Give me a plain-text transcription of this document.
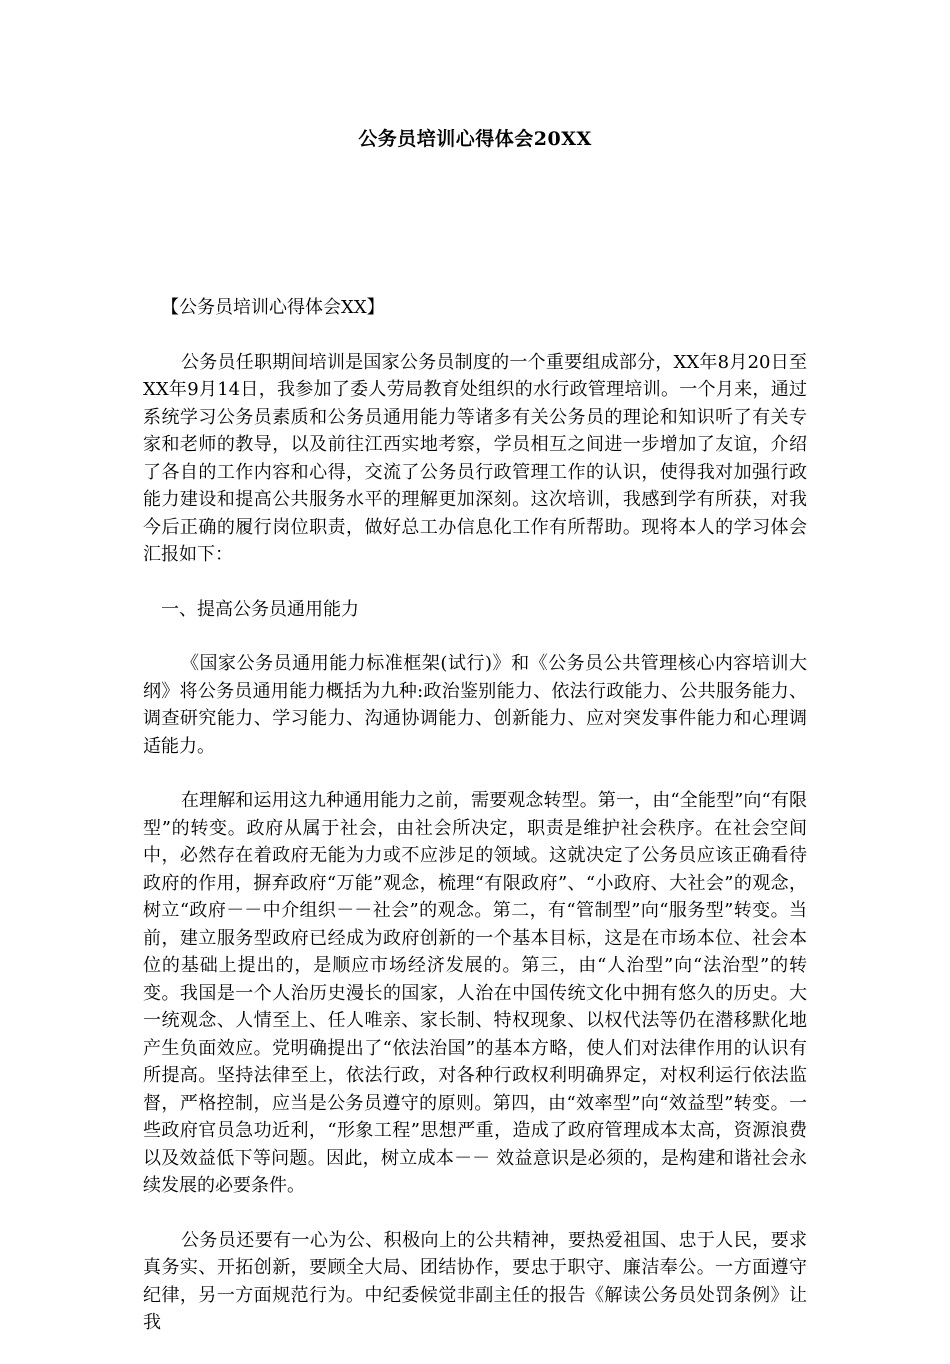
公务员培训心得体会20XX

【公务员培训心得体会XX】

公务员任职期间培训是国家公务员制度的一个重要组成部分，XX年8月20日至XX年9月14日，我参加了委人劳局教育处组织的水行政管理培训。一个月来，通过系统学习公务员素质和公务员通用能力等诸多有关公务员的理论和知识听了有关专家和老师的教导，以及前往江西实地考察，学员相互之间进一步增加了友谊，介绍了各自的工作内容和心得，交流了公务员行政管理工作的认识，使得我对加强行政能力建设和提高公共服务水平的理解更加深刻。这次培训，我感到学有所获，对我今后正确的履行岗位职责，做好总工办信息化工作有所帮助。现将本人的学习体会汇报如下：

一、提高公务员通用能力

《国家公务员通用能力标准框架(试行)》和《公务员公共管理核心内容培训大纲》将公务员通用能力概括为九种:政治鉴别能力、依法行政能力、公共服务能力、调查研究能力、学习能力、沟通协调能力、创新能力、应对突发事件能力和心理调适能力。

在理解和运用这九种通用能力之前，需要观念转型。第一，由“全能型”向“有限型”的转变。政府从属于社会，由社会所决定，职责是维护社会秩序。在社会空间中，必然存在着政府无能为力或不应涉足的领域。这就决定了公务员应该正确看待政府的作用，摒弃政府“万能”观念，梳理“有限政府”、“小政府、大社会”的观念，树立“政府－－中介组织－－社会”的观念。第二，有“管制型”向“服务型”转变。当前，建立服务型政府已经成为政府创新的一个基本目标，这是在市场本位、社会本位的基础上提出的，是顺应市场经济发展的。第三，由“人治型”向“法治型”的转变。我国是一个人治历史漫长的国家，人治在中国传统文化中拥有悠久的历史。大一统观念、人情至上、任人唯亲、家长制、特权现象、以权代法等仍在潜移默化地产生负面效应。党明确提出了“依法治国”的基本方略，使人们对法律作用的认识有所提高。坚持法律至上，依法行政，对各种行政权利明确界定，对权利运行依法监督，严格控制，应当是公务员遵守的原则。第四，由“效率型”向“效益型”转变。一些政府官员急功近利，“形象工程”思想严重，造成了政府管理成本太高，资源浪费以及效益低下等问题。因此，树立成本－－ 效益意识是必须的，是构建和谐社会永续发展的必要条件。

公务员还要有一心为公、积极向上的公共精神，要热爱祖国、忠于人民，要求真务实、开拓创新，要顾全大局、团结协作，要忠于职守、廉洁奉公。一方面遵守纪律，另一方面规范行为。中纪委候觉非副主任的报告《解读公务员处罚条例》让我
